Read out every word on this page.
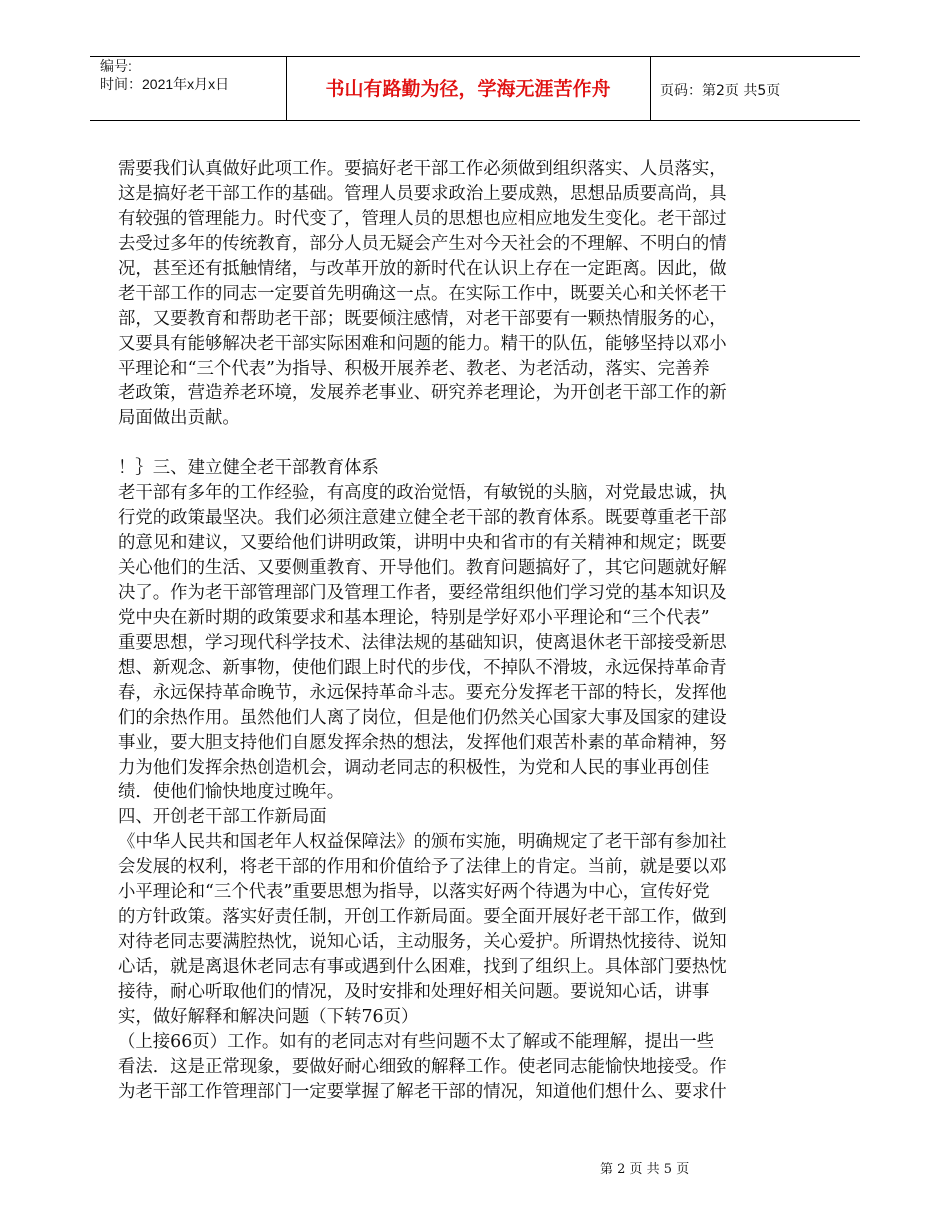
编号:
时间：2021年x月x日	书山有路勤为径，学海无涯苦作舟	页码：第2页 共5页
需要我们认真做好此项工作。要搞好老干部工作必须做到组织落实、人员落实，
这是搞好老干部工作的基础。管理人员要求政治上要成熟，思想品质要高尚，具
有较强的管理能力。时代变了，管理人员的思想也应相应地发生变化。老干部过
去受过多年的传统教育，部分人员无疑会产生对今天社会的不理解、不明白的情
况，甚至还有抵触情绪，与改革开放的新时代在认识上存在一定距离。因此，做
老干部工作的同志一定要首先明确这一点。在实际工作中，既要关心和关怀老干
部，又要教育和帮助老干部；既要倾注感情，对老干部要有一颗热情服务的心，
又要具有能够解决老干部实际困难和问题的能力。精干的队伍，能够坚持以邓小
平理论和“三个代表”为指导、积极开展养老、教老、为老活动，落实、完善养
老政策，营造养老环境，发展养老事业、研究养老理论，为开创老干部工作的新
局面做出贡献。
！｝三、建立健全老干部教育体系
老干部有多年的工作经验，有高度的政治觉悟，有敏锐的头脑，对党最忠诚，执
行党的政策最坚决。我们必须注意建立健全老干部的教育体系。既要尊重老干部
的意见和建议，又要给他们讲明政策，讲明中央和省市的有关精神和规定；既要
关心他们的生活、又要侧重教育、开导他们。教育问题搞好了，其它问题就好解
决了。作为老干部管理部门及管理工作者，要经常组织他们学习党的基本知识及
党中央在新时期的政策要求和基本理论，特别是学好邓小平理论和“三个代表”
重要思想，学习现代科学技术、法律法规的基础知识，使离退休老干部接受新思
想、新观念、新事物，使他们跟上时代的步伐，不掉队不滑坡，永远保持革命青
春，永远保持革命晚节，永远保持革命斗志。要充分发挥老干部的特长，发挥他
们的余热作用。虽然他们人离了岗位，但是他们仍然关心国家大事及国家的建设
事业，要大胆支持他们自愿发挥余热的想法，发挥他们艰苦朴素的革命精神，努
力为他们发挥余热创造机会，调动老同志的积极性，为党和人民的事业再创佳
绩．使他们愉快地度过晚年。
四、开创老干部工作新局面
《中华人民共和国老年人权益保障法》的颁布实施，明确规定了老干部有参加社
会发展的权利，将老干部的作用和价值给予了法律上的肯定。当前，就是要以邓
小平理论和“三个代表”重要思想为指导，以落实好两个待遇为中心，宣传好党
的方针政策。落实好责任制，开创工作新局面。要全面开展好老干部工作，做到
对待老同志要满腔热忱，说知心话，主动服务，关心爱护。所谓热忱接待、说知
心话，就是离退休老同志有事或遇到什么困难，找到了组织上。具体部门要热忱
接待，耐心听取他们的情况，及时安排和处理好相关问题。要说知心话，讲事
实，做好解释和解决问题（下转76页）
（上接66页）工作。如有的老同志对有些问题不太了解或不能理解，提出一些
看法．这是正常现象，要做好耐心细致的解释工作。使老同志能愉快地接受。作
为老干部工作管理部门一定要掌握了解老干部的情况，知道他们想什么、要求什
第 2 页 共 5 页
